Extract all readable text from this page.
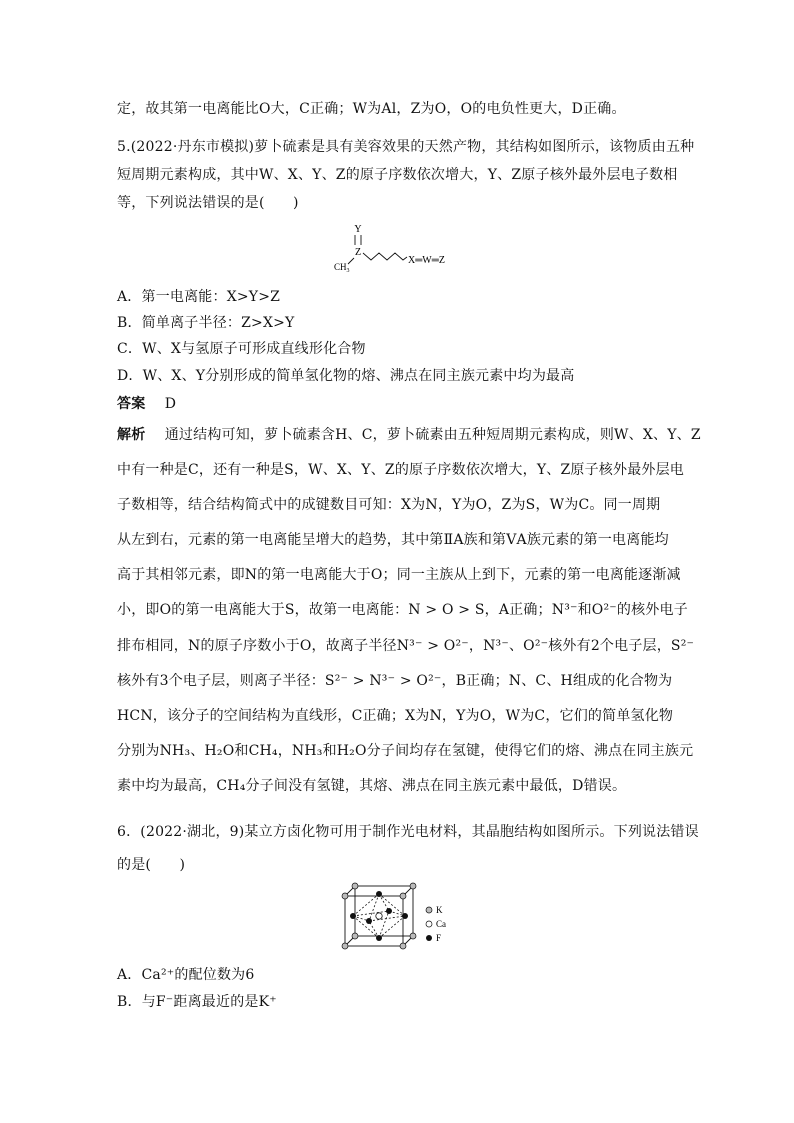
定，故其第一电离能比O大，C正确；W为Al，Z为O，O的电负性更大，D正确。
5.(2022·丹东市模拟)萝卜硫素是具有美容效果的天然产物，其结构如图所示，该物质由五种
短周期元素构成，其中W、X、Y、Z的原子序数依次增大，Y、Z原子核外最外层电子数相
等，下列说法错误的是(　　)
Y
Z
$CH_3$
X═W═Z
A．第一电离能：X>Y>Z
B．简单离子半径：Z>X>Y
C．W、X与氢原子可形成直线形化合物
D．W、X、Y分别形成的简单氢化物的熔、沸点在同主族元素中均为最高
答案 D
解析 通过结构可知，萝卜硫素含H、C，萝卜硫素由五种短周期元素构成，则W、X、Y、Z
中有一种是C，还有一种是S，W、X、Y、Z的原子序数依次增大，Y、Z原子核外最外层电
子数相等，结合结构简式中的成键数目可知：X为N，Y为O，Z为S，W为C。同一周期
从左到右，元素的第一电离能呈增大的趋势，其中第ⅡA族和第ⅤA族元素的第一电离能均
高于其相邻元素，即N的第一电离能大于O；同一主族从上到下，元素的第一电离能逐渐减
小，即O的第一电离能大于S，故第一电离能：N > O > S，A正确；N³⁻和O²⁻的核外电子
排布相同，N的原子序数小于O，故离子半径N³⁻ > O²⁻，N³⁻、O²⁻核外有2个电子层，S²⁻
核外有3个电子层，则离子半径：S²⁻ > N³⁻ > O²⁻，B正确；N、C、H组成的化合物为
HCN，该分子的空间结构为直线形，C正确；X为N，Y为O，W为C，它们的简单氢化物
分别为NH₃、H₂O和CH₄，NH₃和H₂O分子间均存在氢键，使得它们的熔、沸点在同主族元
素中均为最高，CH₄分子间没有氢键，其熔、沸点在同主族元素中最低，D错误。
6．(2022·湖北，9)某立方卤化物可用于制作光电材料，其晶胞结构如图所示。下列说法错误
的是(　　)
K
Ca
F
A．Ca²⁺的配位数为6
B．与F⁻距离最近的是K⁺
